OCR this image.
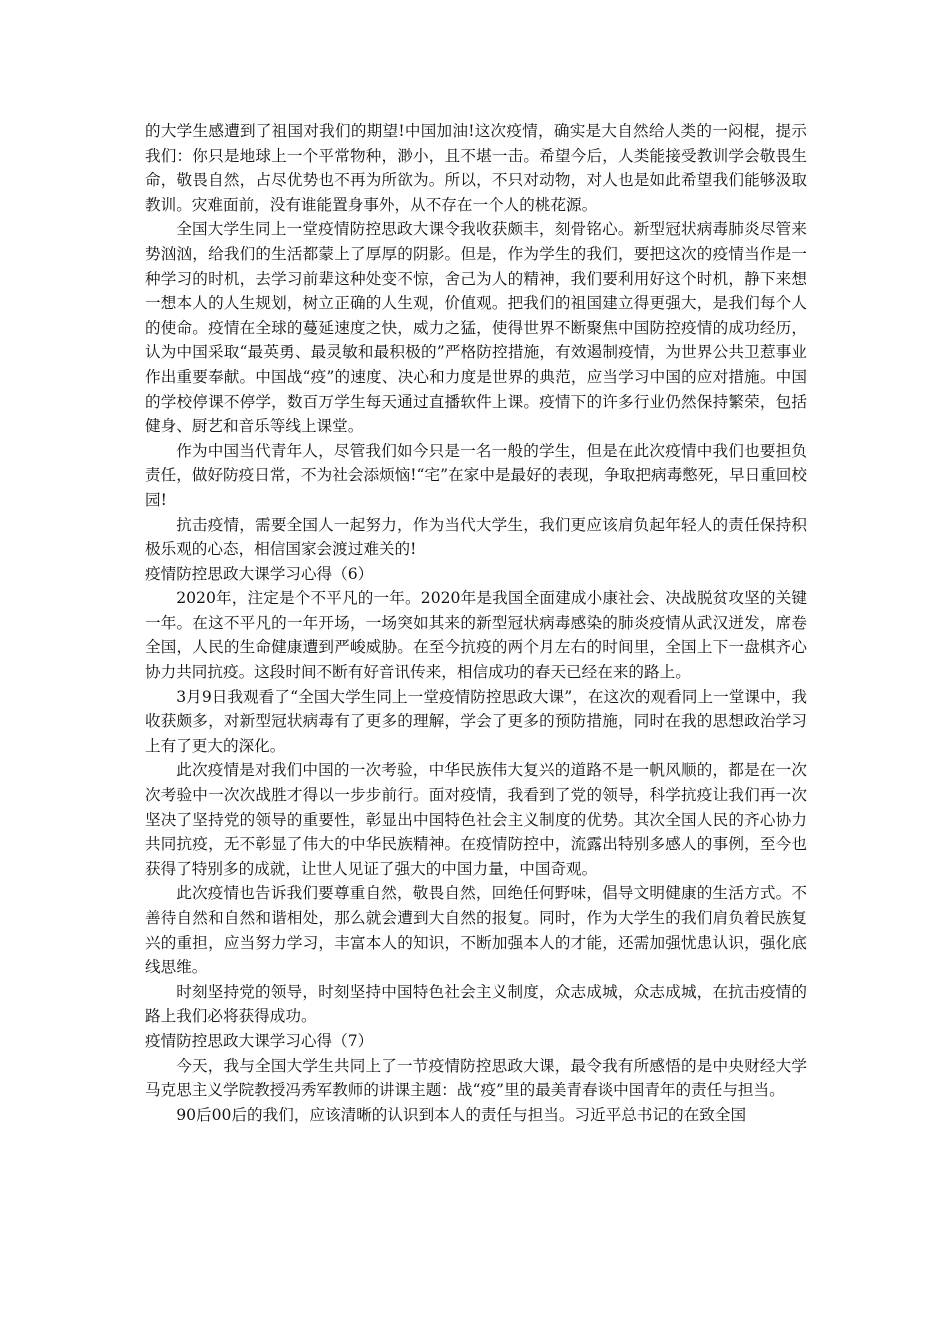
的大学生感遭到了祖国对我们的期望!中国加油!这次疫情，确实是大自然给人类的一闷棍，提示我们：你只是地球上一个平常物种，渺小，且不堪一击。希望今后，人类能接受教训学会敬畏生命，敬畏自然，占尽优势也不再为所欲为。所以，不只对动物，对人也是如此希望我们能够汲取教训。灾难面前，没有谁能置身事外，从不存在一个人的桃花源。

全国大学生同上一堂疫情防控思政大课令我收获颇丰，刻骨铭心。新型冠状病毒肺炎尽管来势汹汹，给我们的生活都蒙上了厚厚的阴影。但是，作为学生的我们，要把这次的疫情当作是一种学习的时机，去学习前辈这种处变不惊，舍己为人的精神，我们要利用好这个时机，静下来想一想本人的人生规划，树立正确的人生观，价值观。把我们的祖国建立得更强大，是我们每个人的使命。疫情在全球的蔓延速度之快，威力之猛，使得世界不断聚焦中国防控疫情的成功经历，认为中国采取“最英勇、最灵敏和最积极的”严格防控措施，有效遏制疫情，为世界公共卫惹事业作出重要奉献。中国战“疫”的速度、决心和力度是世界的典范，应当学习中国的应对措施。中国的学校停课不停学，数百万学生每天通过直播软件上课。疫情下的许多行业仍然保持繁荣，包括健身、厨艺和音乐等线上课堂。

作为中国当代青年人，尽管我们如今只是一名一般的学生，但是在此次疫情中我们也要担负责任，做好防疫日常，不为社会添烦恼!“宅”在家中是最好的表现，争取把病毒憋死，早日重回校园!

抗击疫情，需要全国人一起努力，作为当代大学生，我们更应该肩负起年轻人的责任保持积极乐观的心态，相信国家会渡过难关的!

疫情防控思政大课学习心得（6）

2020年，注定是个不平凡的一年。2020年是我国全面建成小康社会、决战脱贫攻坚的关键一年。在这不平凡的一年开场，一场突如其来的新型冠状病毒感染的肺炎疫情从武汉迸发，席卷全国，人民的生命健康遭到严峻威胁。在至今抗疫的两个月左右的时间里，全国上下一盘棋齐心协力共同抗疫。这段时间不断有好音讯传来，相信成功的春天已经在来的路上。

3月9日我观看了“全国大学生同上一堂疫情防控思政大课”，在这次的观看同上一堂课中，我收获颇多，对新型冠状病毒有了更多的理解，学会了更多的预防措施，同时在我的思想政治学习上有了更大的深化。

此次疫情是对我们中国的一次考验，中华民族伟大复兴的道路不是一帆风顺的，都是在一次次考验中一次次战胜才得以一步步前行。面对疫情，我看到了党的领导，科学抗疫让我们再一次坚决了坚持党的领导的重要性，彰显出中国特色社会主义制度的优势。其次全国人民的齐心协力共同抗疫，无不彰显了伟大的中华民族精神。在疫情防控中，流露出特别多感人的事例，至今也获得了特别多的成就，让世人见证了强大的中国力量，中国奇观。

此次疫情也告诉我们要尊重自然，敬畏自然，回绝任何野味，倡导文明健康的生活方式。不善待自然和自然和谐相处，那么就会遭到大自然的报复。同时，作为大学生的我们肩负着民族复兴的重担，应当努力学习，丰富本人的知识，不断加强本人的才能，还需加强忧患认识，强化底线思维。

时刻坚持党的领导，时刻坚持中国特色社会主义制度，众志成城，众志成城，在抗击疫情的路上我们必将获得成功。

疫情防控思政大课学习心得（7）

今天，我与全国大学生共同上了一节疫情防控思政大课，最令我有所感悟的是中央财经大学马克思主义学院教授冯秀军教师的讲课主题：战“疫”里的最美青春谈中国青年的责任与担当。

90后00后的我们，应该清晰的认识到本人的责任与担当。习近平总书记的在致全国
